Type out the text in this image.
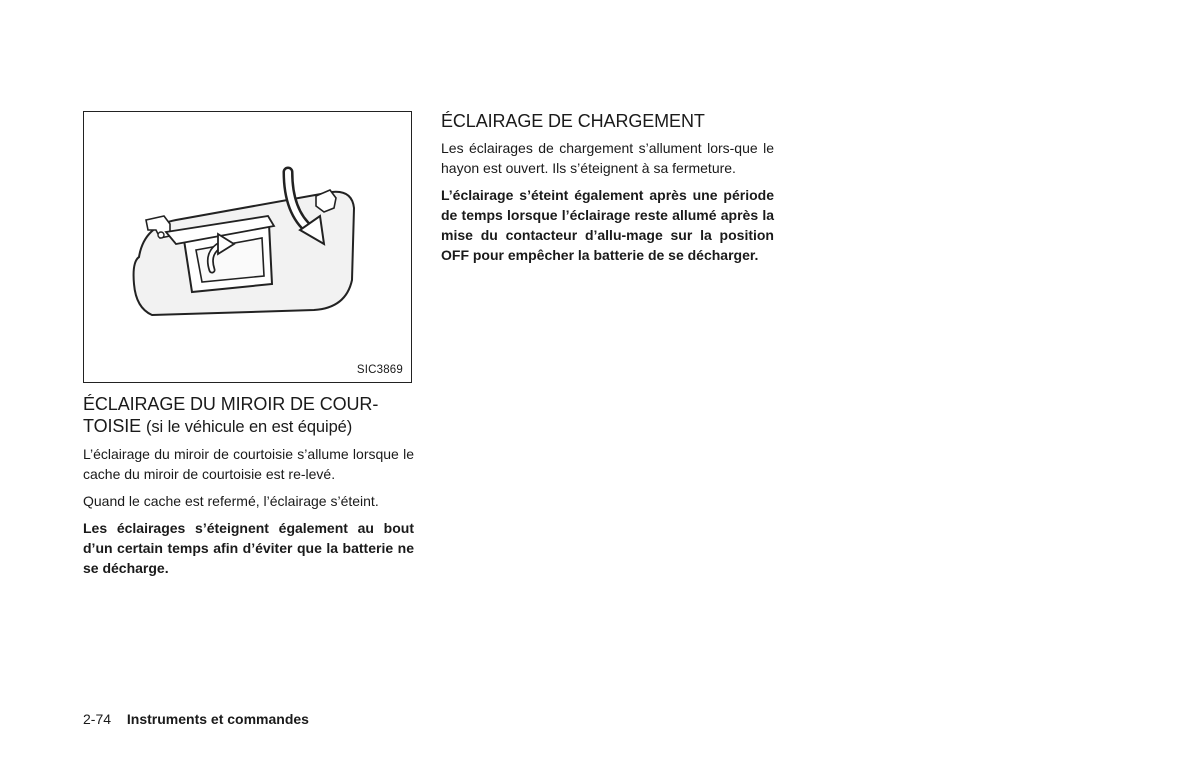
SIC3869
ÉCLAIRAGE DU MIROIR DE COUR-
TOISIE (si le véhicule en est équipé)

L’éclairage du miroir de courtoisie s’allume lorsque le cache du miroir de courtoisie est re-levé.

Quand le cache est refermé, l’éclairage s’éteint.

Les éclairages s’éteignent également au bout d’un certain temps afin d’éviter que la batterie ne se décharge.

ÉCLAIRAGE DE CHARGEMENT

Les éclairages de chargement s’allument lors-que le hayon est ouvert. Ils s’éteignent à sa fermeture.

L’éclairage s’éteint également après une période de temps lorsque l’éclairage reste allumé après la mise du contacteur d’allu-mage sur la position OFF pour empêcher la batterie de se décharger.

2-74 Instruments et commandes
